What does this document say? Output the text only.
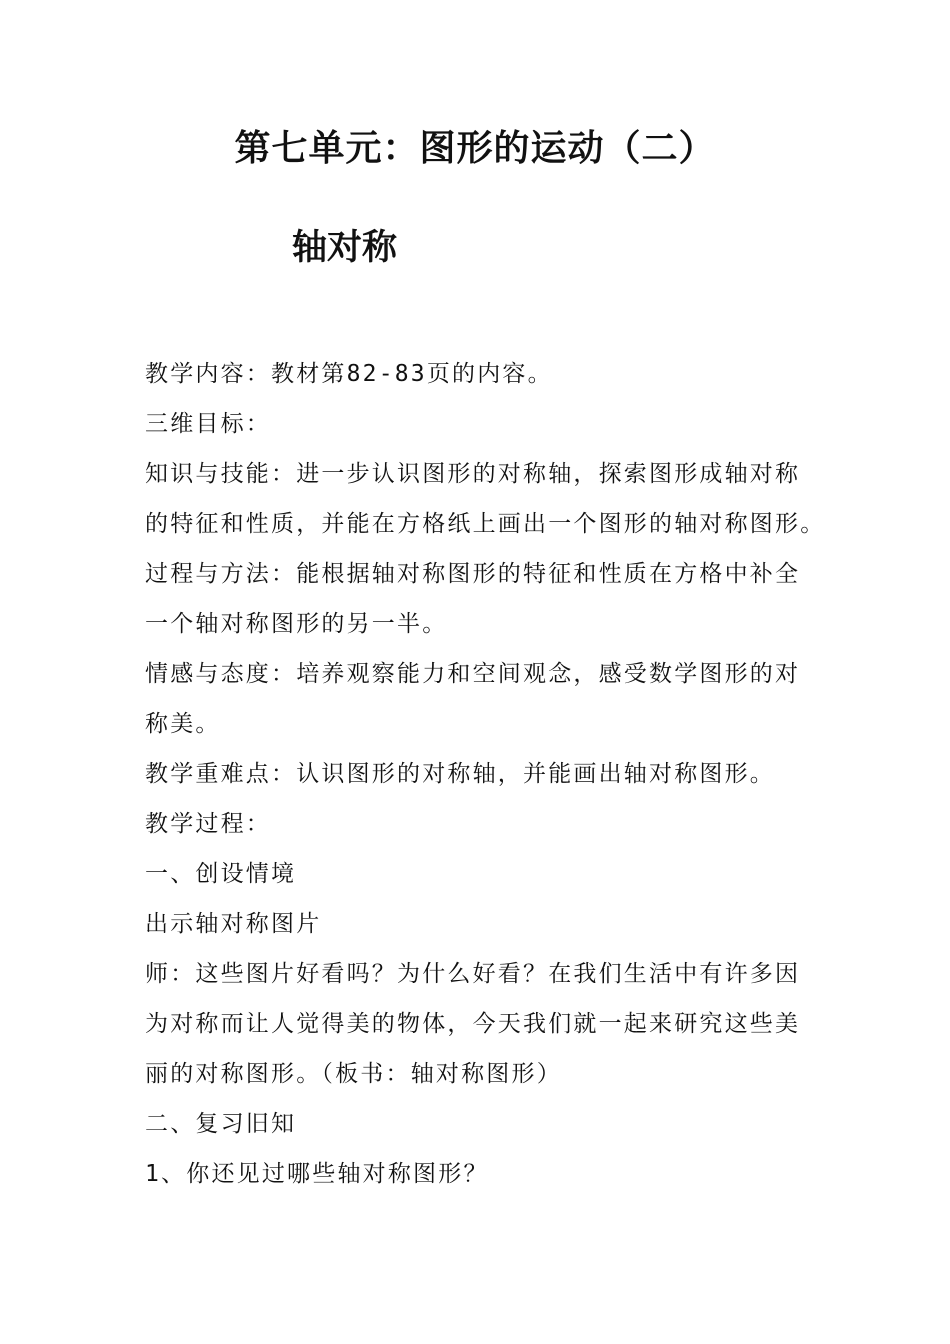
第七单元：图形的运动（二）
轴对称
教学内容：教材第82-83页的内容。
三维目标：
知识与技能：进一步认识图形的对称轴，探索图形成轴对称
的特征和性质，并能在方格纸上画出一个图形的轴对称图形。
过程与方法：能根据轴对称图形的特征和性质在方格中补全
一个轴对称图形的另一半。
情感与态度：培养观察能力和空间观念，感受数学图形的对
称美。
教学重难点：认识图形的对称轴，并能画出轴对称图形。
教学过程：
一、创设情境
出示轴对称图片
师：这些图片好看吗？为什么好看？在我们生活中有许多因
为对称而让人觉得美的物体，今天我们就一起来研究这些美
丽的对称图形。（板书：轴对称图形）
二、复习旧知
1、你还见过哪些轴对称图形？
